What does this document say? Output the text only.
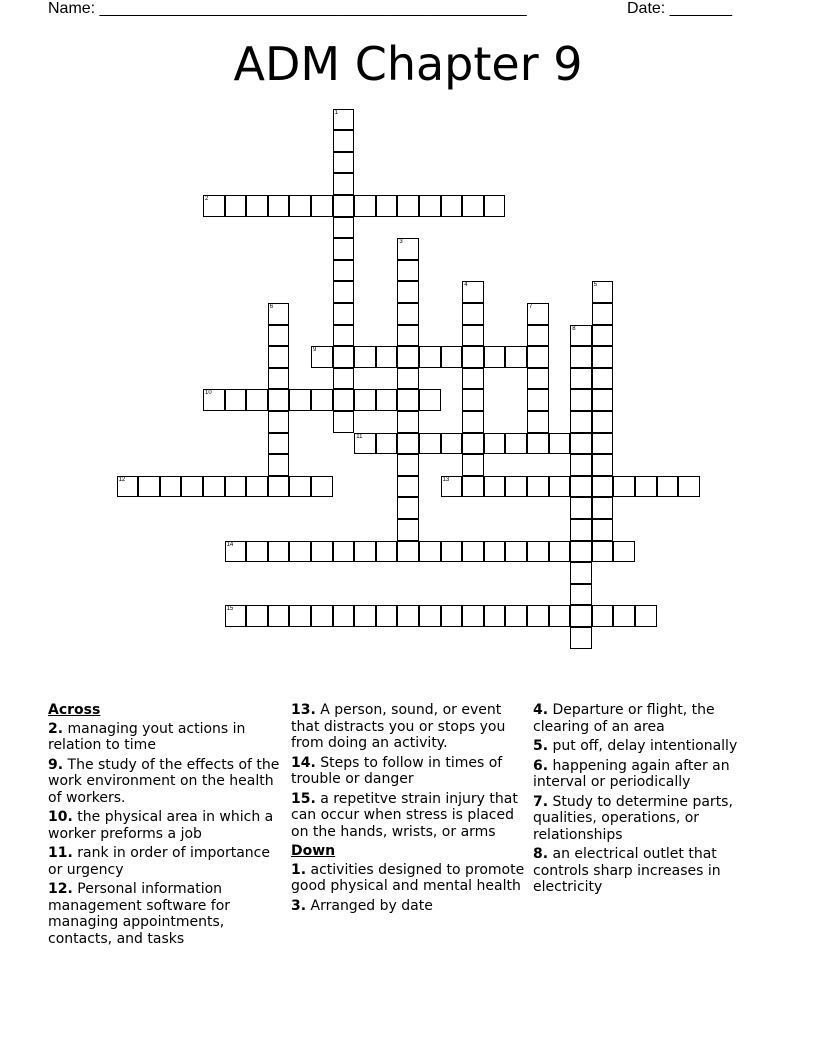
Name: ________________________________________________	Date: _______
ADM Chapter 9
1
2
3
4	5
6	7
8
9
10
11
12	13
14
15
Across
2. managing yout actions in relation to time
9. The study of the effects of the work environment on the health of workers.
10. the physical area in which a worker preforms a job
11. rank in order of importance or urgency
12. Personal information management software for managing appointments, contacts, and tasks
13. A person, sound, or event that distracts you or stops you from doing an activity.
14. Steps to follow in times of trouble or danger
15. a repetitve strain injury that can occur when stress is placed on the hands, wrists, or arms
Down
1. activities designed to promote good physical and mental health
3. Arranged by date
4. Departure or flight, the clearing of an area
5. put off, delay intentionally
6. happening again after an interval or periodically
7. Study to determine parts, qualities, operations, or relationships
8. an electrical outlet that controls sharp increases in electricity
